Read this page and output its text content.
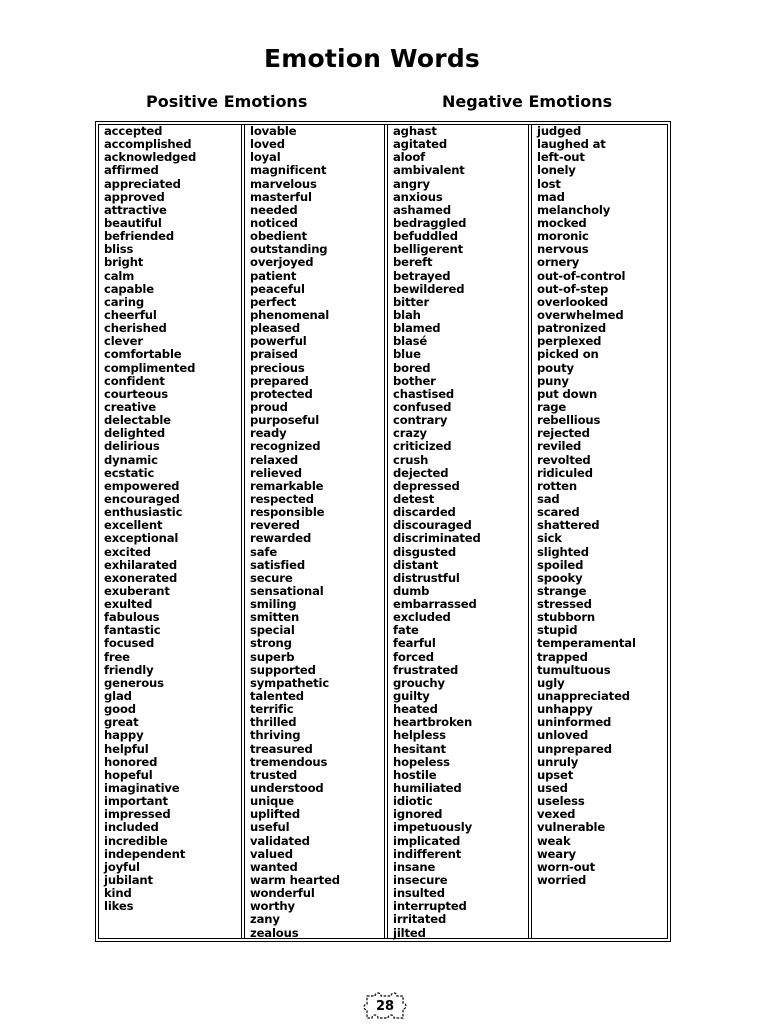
Emotion Words
Positive Emotions	Negative Emotions
accepted
accomplished
acknowledged
affirmed
appreciated
approved
attractive
beautiful
befriended
bliss
bright
calm
capable
caring
cheerful
cherished
clever
comfortable
complimented
confident
courteous
creative
delectable
delighted
delirious
dynamic
ecstatic
empowered
encouraged
enthusiastic
excellent
exceptional
excited
exhilarated
exonerated
exuberant
exulted
fabulous
fantastic
focused
free
friendly
generous
glad
good
great
happy
helpful
honored
hopeful
imaginative
important
impressed
included
incredible
independent
joyful
jubilant
kind
likes
lovable
loved
loyal
magnificent
marvelous
masterful
needed
noticed
obedient
outstanding
overjoyed
patient
peaceful
perfect
phenomenal
pleased
powerful
praised
precious
prepared
protected
proud
purposeful
ready
recognized
relaxed
relieved
remarkable
respected
responsible
revered
rewarded
safe
satisfied
secure
sensational
smiling
smitten
special
strong
superb
supported
sympathetic
talented
terrific
thrilled
thriving
treasured
tremendous
trusted
understood
unique
uplifted
useful
validated
valued
wanted
warm hearted
wonderful
worthy
zany
zealous
aghast
agitated
aloof
ambivalent
angry
anxious
ashamed
bedraggled
befuddled
belligerent
bereft
betrayed
bewildered
bitter
blah
blamed
blasé
blue
bored
bother
chastised
confused
contrary
crazy
criticized
crush
dejected
depressed
detest
discarded
discouraged
discriminated
disgusted
distant
distrustful
dumb
embarrassed
excluded
fate
fearful
forced
frustrated
grouchy
guilty
heated
heartbroken
helpless
hesitant
hopeless
hostile
humiliated
idiotic
ignored
impetuously
implicated
indifferent
insane
insecure
insulted
interrupted
irritated
jilted
judged
laughed at
left-out
lonely
lost
mad
melancholy
mocked
moronic
nervous
ornery
out-of-control
out-of-step
overlooked
overwhelmed
patronized
perplexed
picked on
pouty
puny
put down
rage
rebellious
rejected
reviled
revolted
ridiculed
rotten
sad
scared
shattered
sick
slighted
spoiled
spooky
strange
stressed
stubborn
stupid
temperamental
trapped
tumultuous
ugly
unappreciated
unhappy
uninformed
unloved
unprepared
unruly
upset
used
useless
vexed
vulnerable
weak
weary
worn-out
worried
28
